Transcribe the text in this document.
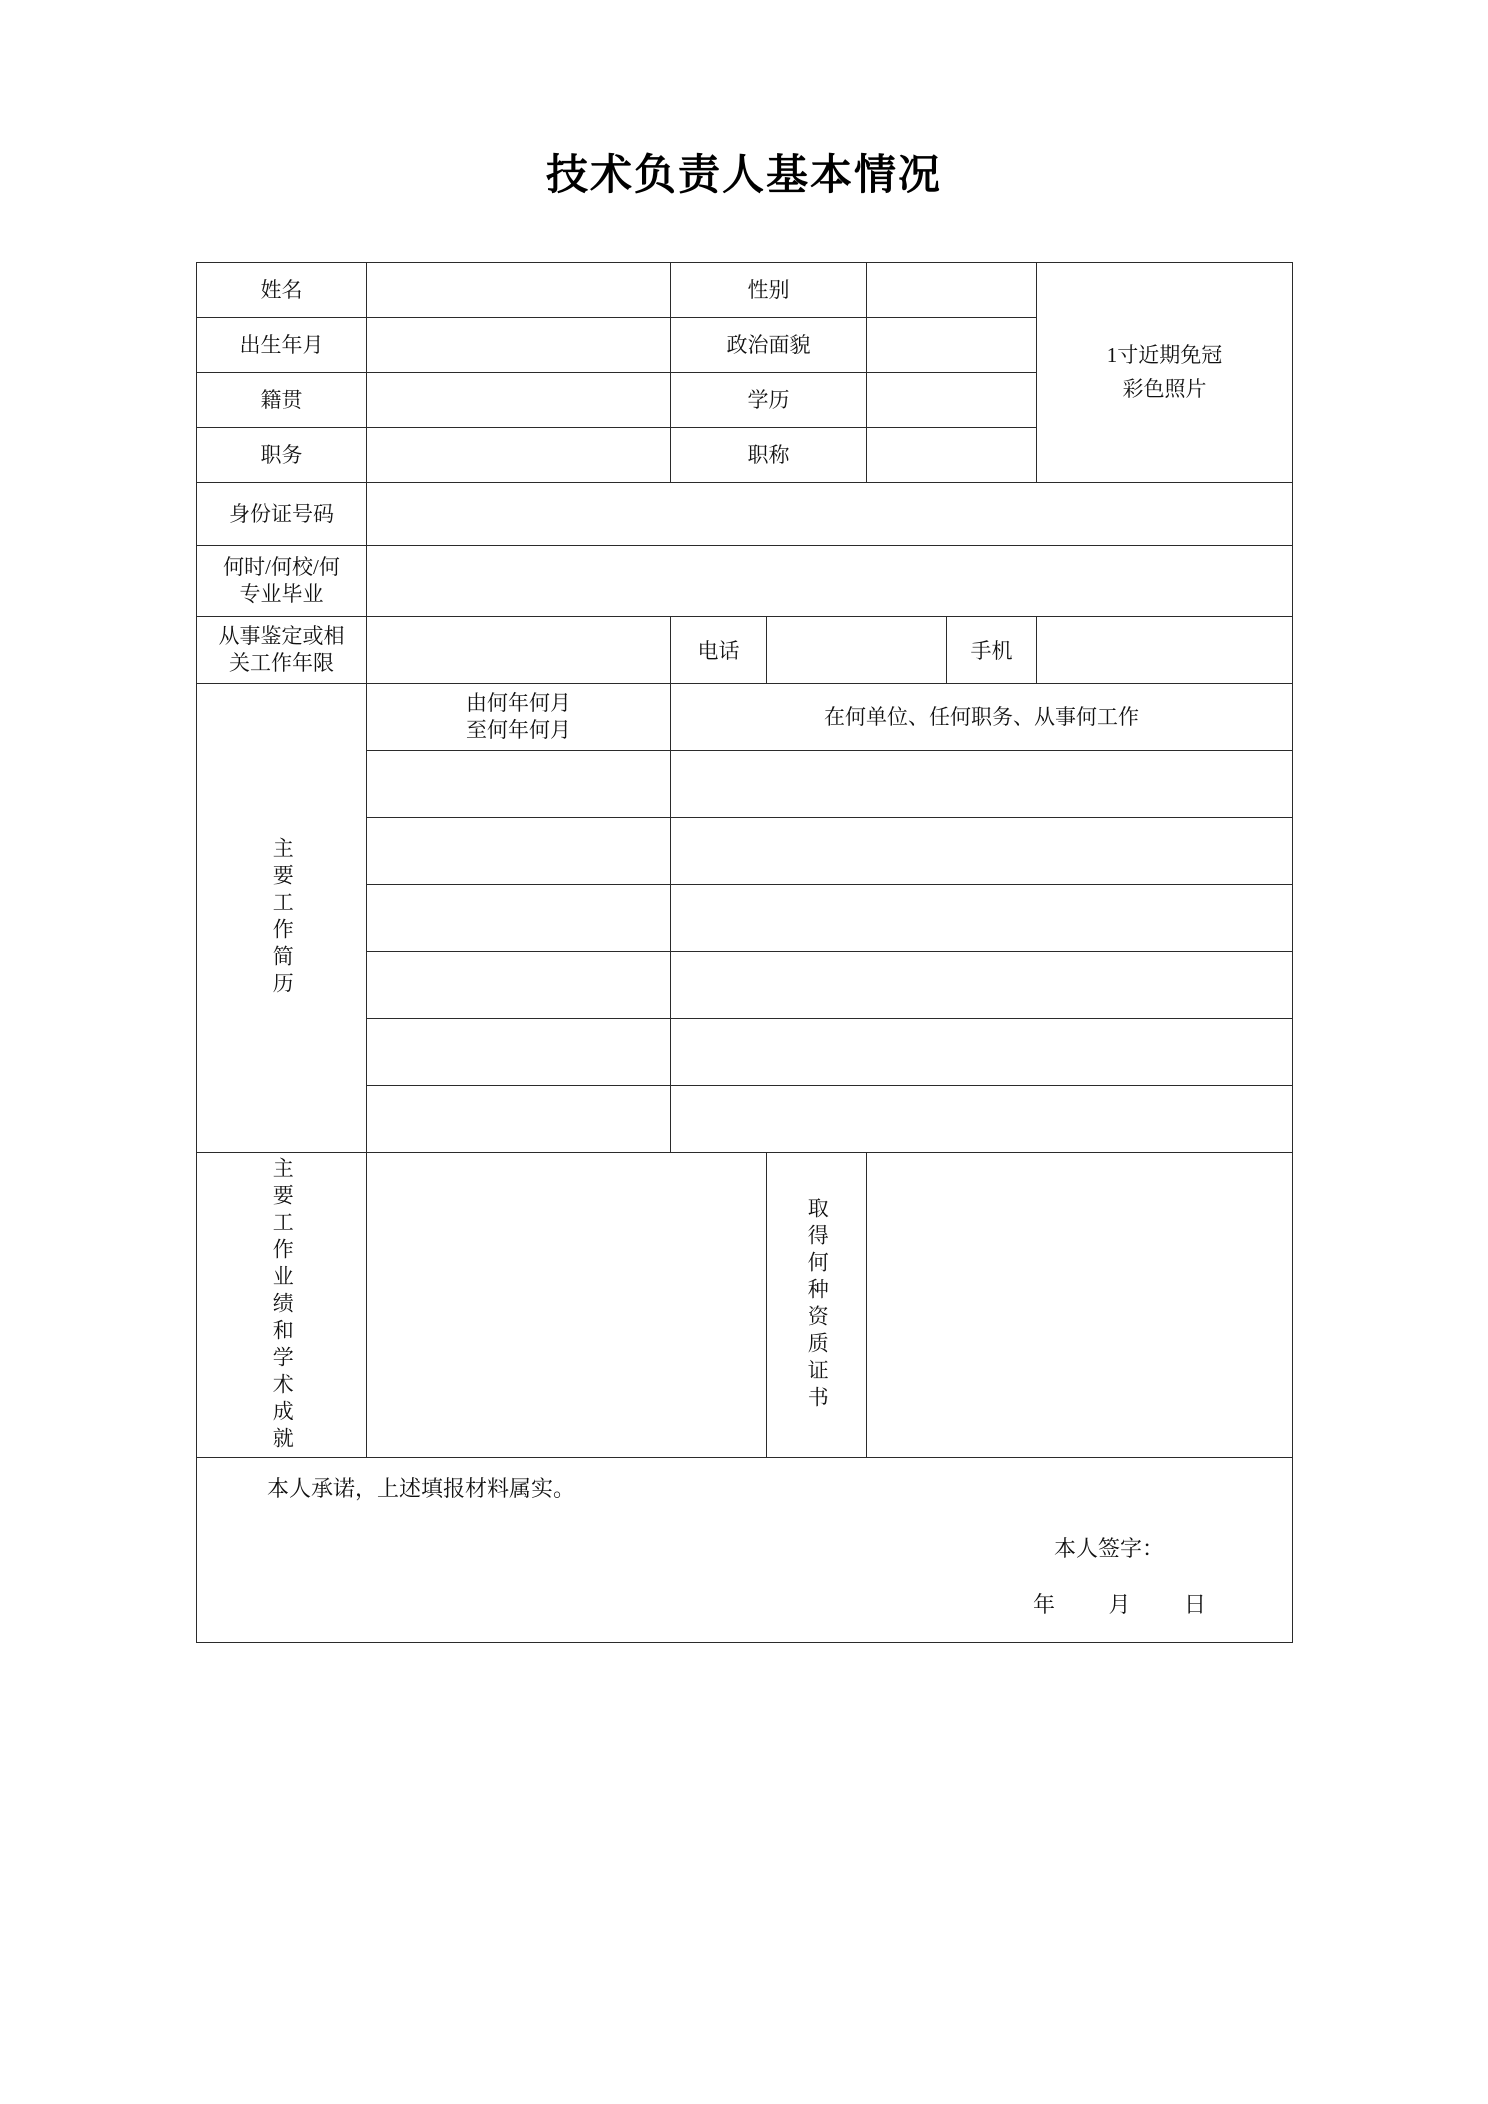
技术负责人基本情况
姓名		性别				1寸近期免冠
彩色照片

出生年月		政治面貌				
籍贯		学历				
职务		职称				
身份证号码						

何时/何校/何
专业毕业						

从事鉴定或相
关工作年限		电话			手机	

主要工作简历	由何年何月
至何年何月	在何单位、任何职务、从事何工作				

主要工作业绩和学术成就			取得何种资质证书			

本人承诺，上述填报材料属实。
本人签字：
年 月 日						
